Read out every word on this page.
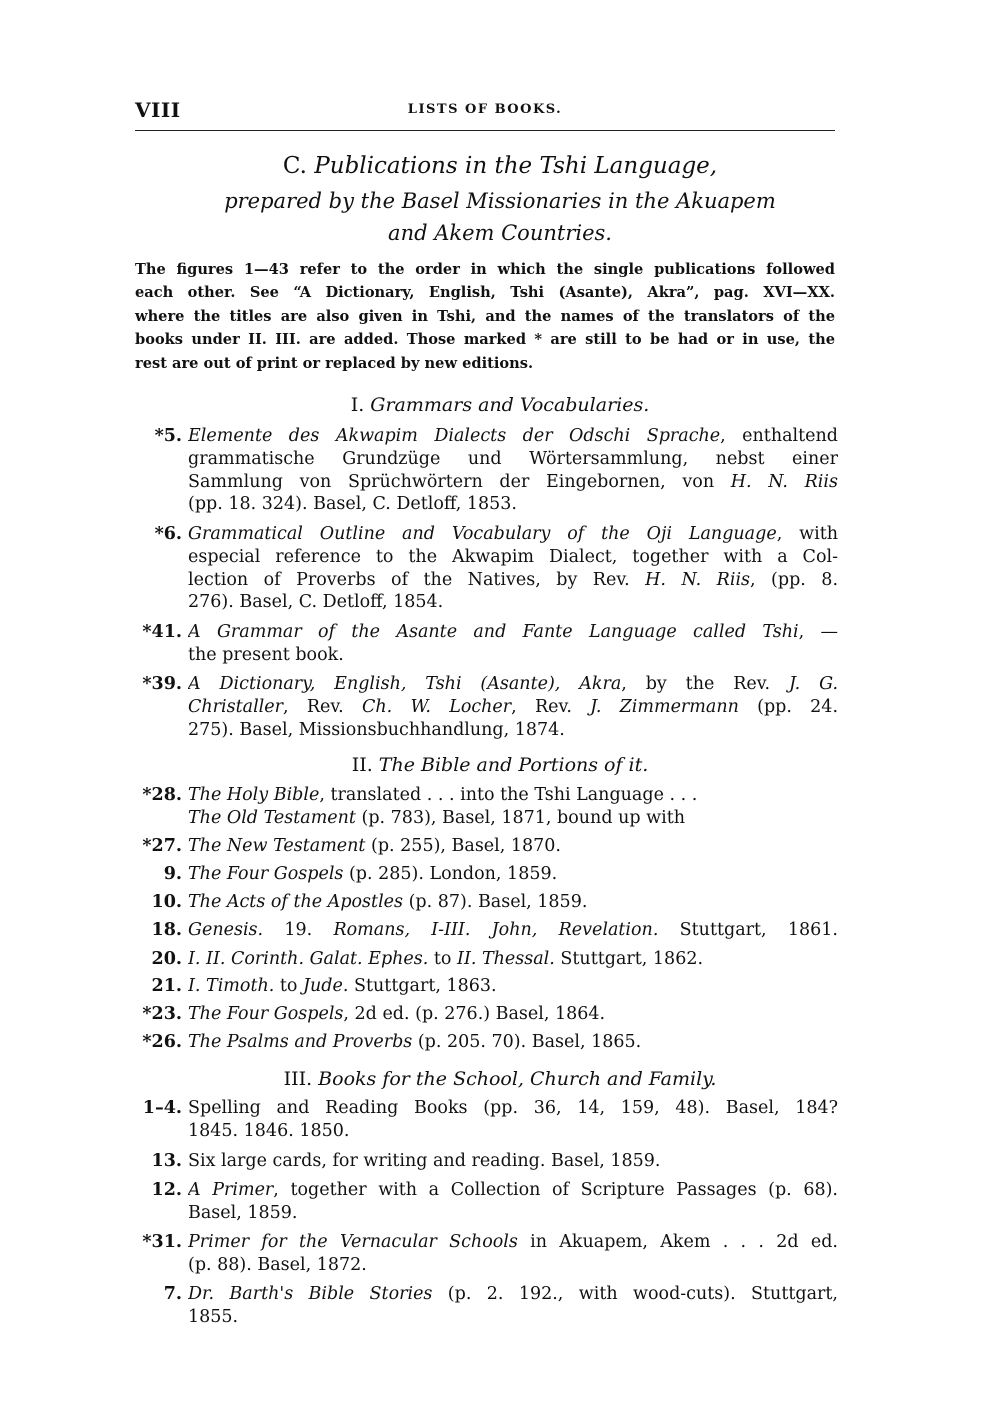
VIII	LISTS OF BOOKS.
C. Publications in the Tshi Language,
prepared by the Basel Missionaries in the Akuapem
and Akem Countries.
The figures 1—43 refer to the order in which the single publications followed
each other. See “A Dictionary, English, Tshi (Asante), Akra”, pag. XVI—XX.
where the titles are also given in Tshi, and the names of the translators of the
books under II. III. are added. Those marked * are still to be had or in use, the
rest are out of print or replaced by new editions.
I. Grammars and Vocabularies.
II. The Bible and Portions of it.
III. Books for the School, Church and Family.
*5. Elemente des Akwapim Dialects der Odschi Sprache, enthaltend
grammatische Grundzüge und Wörtersammlung, nebst einer
Sammlung von Sprüchwörtern der Eingebornen, von H. N. Riis
(pp. 18. 324). Basel, C. Detloff, 1853.
*6. Grammatical Outline and Vocabulary of the Oji Language, with
especial reference to the Akwapim Dialect, together with a Col-
lection of Proverbs of the Natives, by Rev. H. N. Riis, (pp. 8.
276). Basel, C. Detloff, 1854.
*41. A Grammar of the Asante and Fante Language called Tshi, —
the present book.
*39. A Dictionary, English, Tshi (Asante), Akra, by the Rev. J. G.
Christaller, Rev. Ch. W. Locher, Rev. J. Zimmermann (pp. 24.
275). Basel, Missionsbuchhandlung, 1874.
*28. The Holy Bible, translated . . . into the Tshi Language . . .
The Old Testament (p. 783), Basel, 1871, bound up with
*27. The New Testament (p. 255), Basel, 1870.
9. The Four Gospels (p. 285). London, 1859.
10. The Acts of the Apostles (p. 87). Basel, 1859.
18. Genesis. 19. Romans, I-III. John, Revelation. Stuttgart, 1861.
20. I. II. Corinth. Galat. Ephes. to II. Thessal. Stuttgart, 1862.
21. I. Timoth. to Jude. Stuttgart, 1863.
*23. The Four Gospels, 2d ed. (p. 276.) Basel, 1864.
*26. The Psalms and Proverbs (p. 205. 70). Basel, 1865.
1–4. Spelling and Reading Books (pp. 36, 14, 159, 48). Basel, 184?
1845. 1846. 1850.
13. Six large cards, for writing and reading. Basel, 1859.
12. A Primer, together with a Collection of Scripture Passages (p. 68).
Basel, 1859.
*31. Primer for the Vernacular Schools in Akuapem, Akem . . . 2d ed.
(p. 88). Basel, 1872.
7. Dr. Barth's Bible Stories (p. 2. 192., with wood-cuts). Stuttgart,
1855.
